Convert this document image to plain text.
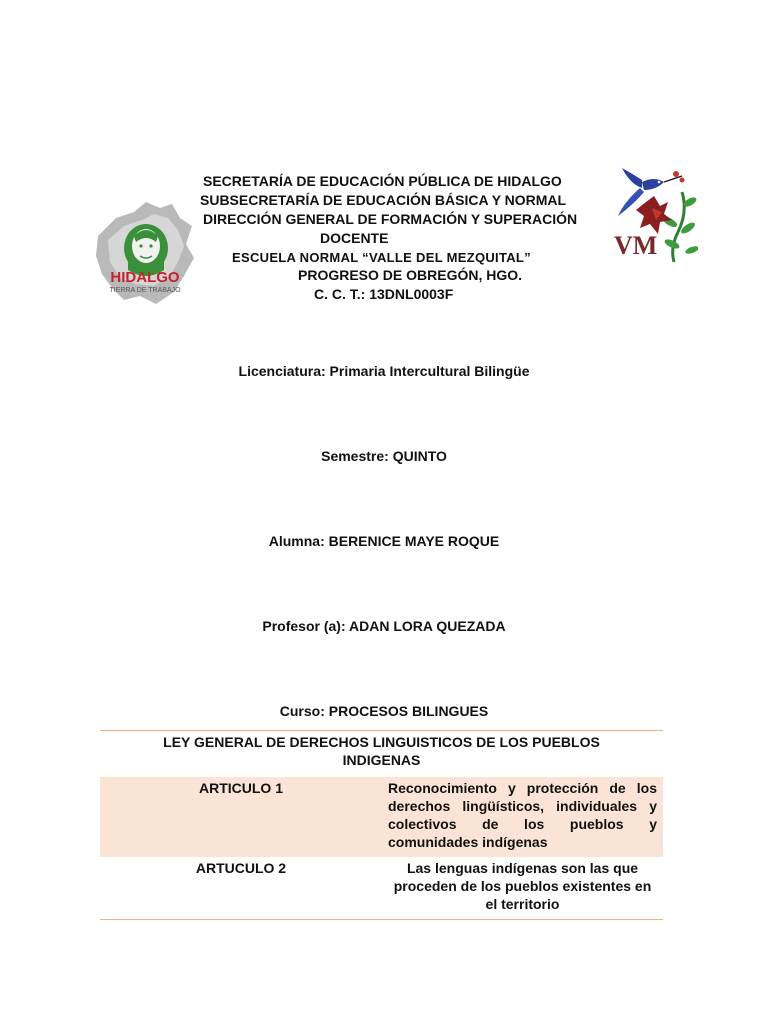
HIDALGO
TIERRA DE TRABAJO
VM
SECRETARÍA DE EDUCACIÓN PÚBLICA DE HIDALGO
SUBSECRETARÍA DE EDUCACIÓN BÁSICA Y NORMAL
DIRECCIÓN GENERAL DE FORMACIÓN Y SUPERACIÓN
DOCENTE
ESCUELA NORMAL “VALLE DEL MEZQUITAL”
PROGRESO DE OBREGÓN, HGO.
C. C. T.: 13DNL0003F
Licenciatura: Primaria Intercultural Bilingüe
Semestre: QUINTO
Alumna: BERENICE MAYE ROQUE
Profesor (a): ADAN LORA QUEZADA
Curso: PROCESOS BILINGUES
LEY GENERAL DE DERECHOS LINGUISTICOS DE LOS PUEBLOS INDIGENAS
ARTICULO 1	Reconocimiento y protección de los derechos lingüísticos, individuales y colectivos de los pueblos y comunidades indígenas
ARTUCULO 2	Las lenguas indígenas son las que proceden de los pueblos existentes en el territorio
